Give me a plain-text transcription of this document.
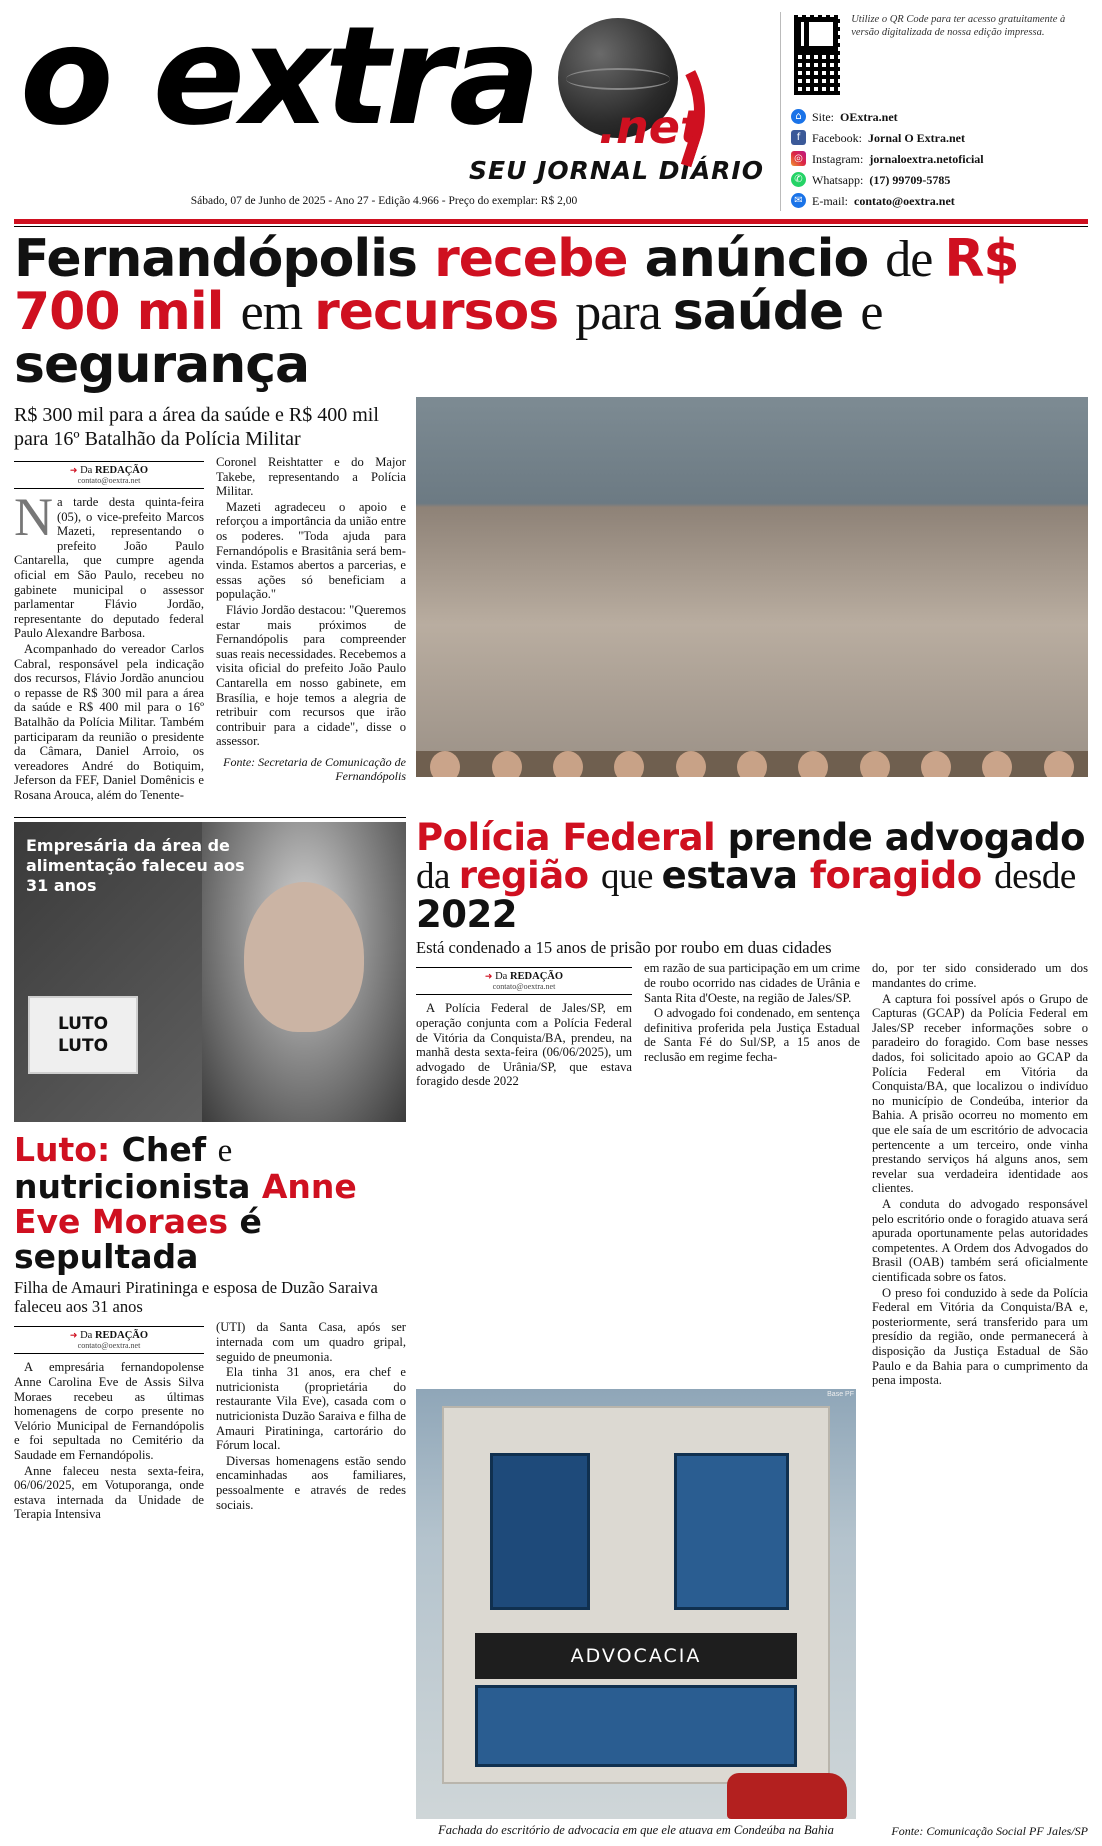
o extra	.net
SEU JORNAL DIÁRIO
Sábado, 07 de Junho de 2025 - Ano 27 - Edição 4.966 - Preço do exemplar: R$ 2,00
Utilize o QR Code para ter acesso gratuitamente à versão digitalizada de nossa edição impressa.
⌂ Site: OExtra.net
f Facebook: Jornal O Extra.net
◎ Instagram: jornaloextra.netoficial
✆ Whatsapp: (17) 99709-5785
✉ E-mail: contato@oextra.net
Fernandópolis recebe anúncio de R$ 700 mil em recursos para saúde e segurança
R$ 300 mil para a área da saúde e R$ 400 mil para 16º Batalhão da Polícia Militar
➜ Da REDAÇÃO
contato@oextra.net

Na tarde desta quinta-feira (05), o vice-prefeito Marcos Mazeti, representando o prefeito João Paulo Cantarella, que cumpre agenda oficial em São Paulo, recebeu no gabinete municipal o assessor parlamentar Flávio Jordão, representante do deputado federal Paulo Alexandre Barbosa.

Acompanhado do vereador Carlos Cabral, responsável pela indicação dos recursos, Flávio Jordão anunciou o repasse de R$ 300 mil para a área da saúde e R$ 400 mil para o 16º Batalhão da Polícia Militar. Também participaram da reunião o presidente da Câmara, Daniel Arroio, os vereadores André do Botiquim, Jeferson da FEF, Daniel Domênicis e Rosana Arouca, além do Tenente-

Coronel Reishtatter e do Major Takebe, representando a Polícia Militar.

Mazeti agradeceu o apoio e reforçou a importância da união entre os poderes. "Toda ajuda para Fernandópolis e Brasitânia será bem-vinda. Estamos abertos a parcerias, e essas ações só beneficiam a população."

Flávio Jordão destacou: "Queremos estar mais próximos de Fernandópolis para compreender suas reais necessidades. Recebemos a visita oficial do prefeito João Paulo Cantarella em nosso gabinete, em Brasília, e hoje temos a alegria de retribuir com recursos que irão contribuir para a cidade", disse o assessor.

Fonte: Secretaria de Comunicação de Fernandópolis
Empresária da área de alimentação faleceu aos 31 anos
LUTO
LUTO
Luto: Chef e nutricionista Anne Eve Moraes é sepultada
Filha de Amauri Piratininga e esposa de Duzão Saraiva faleceu aos 31 anos
➜ Da REDAÇÃO
contato@oextra.net

A empresária fernandopolense Anne Carolina Eve de Assis Silva Moraes recebeu as últimas homenagens de corpo presente no Velório Municipal de Fernandópolis e foi sepultada no Cemitério da Saudade em Fernandópolis.

Anne faleceu nesta sexta-feira, 06/06/2025, em Votuporanga, onde estava internada da Unidade de Terapia Intensiva

(UTI) da Santa Casa, após ser internada com um quadro gripal, seguido de pneumonia.

Ela tinha 31 anos, era chef e nutricionista (proprietária do restaurante Vila Eve), casada com o nutricionista Duzão Saraiva e filha de Amauri Piratininga, cartorário do Fórum local.

Diversas homenagens estão sendo encaminhadas aos familiares, pessoalmente e através de redes sociais.

Polícia Federal prende advogado da região que estava foragido desde 2022
Está condenado a 15 anos de prisão por roubo em duas cidades
➜ Da REDAÇÃO
contato@oextra.net

A Polícia Federal de Jales/SP, em operação conjunta com a Polícia Federal de Vitória da Conquista/BA, prendeu, na manhã desta sexta-feira (06/06/2025), um advogado de Urânia/SP, que estava foragido desde 2022

em razão de sua participação em um crime de roubo ocorrido nas cidades de Urânia e Santa Rita d'Oeste, na região de Jales/SP.

O advogado foi condenado, em sentença definitiva proferida pela Justiça Estadual de Santa Fé do Sul/SP, a 15 anos de reclusão em regime fecha-

do, por ter sido considerado um dos mandantes do crime.

A captura foi possível após o Grupo de Capturas (GCAP) da Polícia Federal em Jales/SP receber informações sobre o paradeiro do foragido. Com base nesses dados, foi solicitado apoio ao GCAP da Polícia Federal em Vitória da Conquista/BA, que localizou o indivíduo no município de Condeúba, interior da Bahia. A prisão ocorreu no momento em que ele saía de um escritório de advocacia pertencente a um terceiro, onde vinha prestando serviços há alguns anos, sem revelar sua verdadeira identidade aos clientes.

A conduta do advogado responsável pelo escritório onde o foragido atuava será apurada oportunamente pelas autoridades competentes. A Ordem dos Advogados do Brasil (OAB) também será oficialmente cientificada sobre os fatos.

O preso foi conduzido à sede da Polícia Federal em Vitória da Conquista/BA e, posteriormente, será transferido para um presídio da região, onde permanecerá à disposição da Justiça Estadual de São Paulo e da Bahia para o cumprimento da pena imposta.

Base PF
ADVOCACIA
Fachada do escritório de advocacia em que ele atuava em Condeúba na Bahia	Fonte: Comunicação Social PF Jales/SP
